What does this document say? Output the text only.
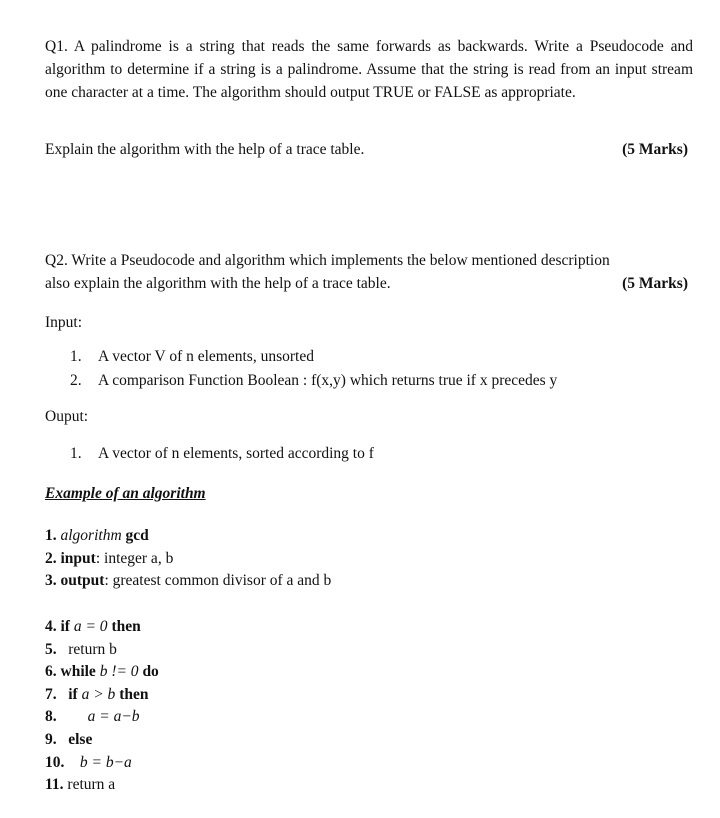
Q1. A palindrome is a string that reads the same forwards as backwards. Write a Pseudocode and algorithm to determine if a string is a palindrome. Assume that the string is read from an input stream one character at a time. The algorithm should output TRUE or FALSE as appropriate.

Explain the algorithm with the help of a trace table.	(5 Marks)
Q2. Write a Pseudocode and algorithm which implements the below mentioned description
also explain the algorithm with the help of a trace table.	(5 Marks)
Input:
1.	A vector V of n elements, unsorted
2.	A comparison Function Boolean : f(x,y) which returns true if x precedes y
Ouput:
1.	A vector of n elements, sorted according to f
Example of an algorithm
1. algorithm gcd
2. input: integer a, b
3. output: greatest common divisor of a and b
4. if a = 0 then
5. return b
6. while b != 0 do
7. if a > b then
8. a = a−b
9. else
10. b = b−a
11. return a
